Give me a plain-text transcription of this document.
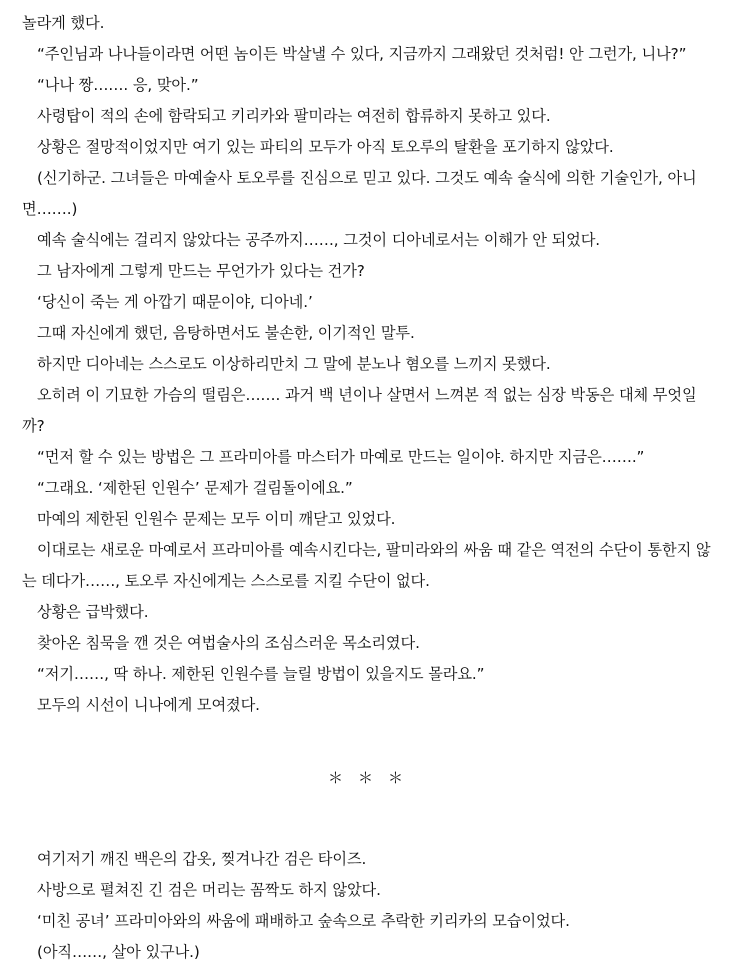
놀라게 했다.

“주인님과 나나들이라면 어떤 놈이든 박살낼 수 있다, 지금까지 그래왔던 것처럼! 안 그런가, 니나?”

“나나 짱……. 응, 맞아.”

사령탑이 적의 손에 함락되고 키리카와 팔미라는 여전히 합류하지 못하고 있다.

상황은 절망적이었지만 여기 있는 파티의 모두가 아직 토오루의 탈환을 포기하지 않았다.

(신기하군. 그녀들은 마예술사 토오루를 진심으로 믿고 있다. 그것도 예속 술식에 의한 기술인가, 아니면…….)

예속 술식에는 걸리지 않았다는 공주까지……, 그것이 디아네로서는 이해가 안 되었다.

그 남자에게 그렇게 만드는 무언가가 있다는 건가?

‘당신이 죽는 게 아깝기 때문이야, 디아네.’

그때 자신에게 했던, 음탕하면서도 불손한, 이기적인 말투.

하지만 디아네는 스스로도 이상하리만치 그 말에 분노나 혐오를 느끼지 못했다.

오히려 이 기묘한 가슴의 떨림은……. 과거 백 년이나 살면서 느껴본 적 없는 심장 박동은 대체 무엇일까?

“먼저 할 수 있는 방법은 그 프라미아를 마스터가 마예로 만드는 일이야. 하지만 지금은…….”

“그래요. ‘제한된 인원수’ 문제가 걸림돌이에요.”

마예의 제한된 인원수 문제는 모두 이미 깨닫고 있었다.

이대로는 새로운 마예로서 프라미아를 예속시킨다는, 팔미라와의 싸움 때 같은 역전의 수단이 통한지 않는 데다가……, 토오루 자신에게는 스스로를 지킬 수단이 없다.

상황은 급박했다.

찾아온 침묵을 깬 것은 여법술사의 조심스러운 목소리였다.

“저기……, 딱 하나. 제한된 인원수를 늘릴 방법이 있을지도 몰라요.”

모두의 시선이 니나에게 모여졌다.

＊ ＊ ＊

여기저기 깨진 백은의 갑옷, 찢겨나간 검은 타이즈.

사방으로 펼쳐진 긴 검은 머리는 꼼짝도 하지 않았다.

‘미친 공녀’ 프라미아와의 싸움에 패배하고 숲속으로 추락한 키리카의 모습이었다.

(아직……, 살아 있구나.)
